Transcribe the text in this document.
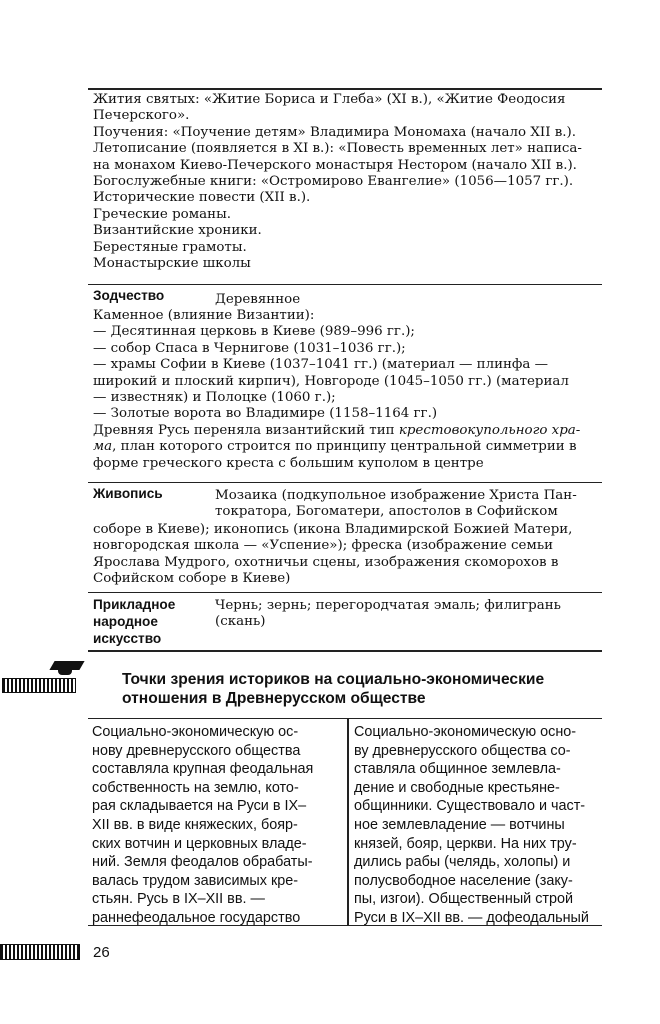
Жития святых: «Житие Бориса и Глеба» (XI в.), «Житие Феодосия
Печерского».
Поучения: «Поучение детям» Владимира Мономаха (начало XII в.).
Летописание (появляется в XI в.): «Повесть временных лет» написа-
на монахом Киево-Печерского монастыря Нестором (начало XII в.).
Богослужебные книги: «Остромирово Евангелие» (1056—1057 гг.).
Исторические повести (XII в.).
Греческие романы.
Византийские хроники.
Берестяные грамоты.
Монастырские школы
Зодчество	Деревянное
Каменное (влияние Византии):
— Десятинная церковь в Киеве (989–996 гг.);
— собор Спаса в Чернигове (1031–1036 гг.);
— храмы Софии в Киеве (1037–1041 гг.) (материал — плинфа —
широкий и плоский кирпич), Новгороде (1045–1050 гг.) (материал
— известняк) и Полоцке (1060 г.);
— Золотые ворота во Владимире (1158–1164 гг.)
Древняя Русь переняла византийский тип крестовокупольного хра-
ма, план которого строится по принципу центральной симметрии в
форме греческого креста с большим куполом в центре
Живопись	Мозаика (подкупольное изображение Христа Пан-
тократора, Богоматери, апостолов в Софийском
соборе в Киеве); иконопись (икона Владимирской Божией Матери,
новгородская школа — «Успение»); фреска (изображение семьи
Ярослава Мудрого, охотничьи сцены, изображения скоморохов в
Софийском соборе в Киеве)
Прикладное
народное
искусство
Чернь; зернь; перегородчатая эмаль; филигрань
(скань)
Точки зрения историков на социально-экономические
отношения в Древнерусском обществе
Социально-экономическую ос-
нову древнерусского общества
составляла крупная феодальная
собственность на землю, кото-
рая складывается на Руси в IX–
XII вв. в виде княжеских, бояр-
ских вотчин и церковных владе-
ний. Земля феодалов обрабаты-
валась трудом зависимых кре-
стьян. Русь в IX–XII вв. —
раннефеодальное государство
Социально-экономическую осно-
ву древнерусского общества со-
ставляла общинное землевла-
дение и свободные крестьяне-
общинники. Существовало и част-
ное землевладение — вотчины
князей, бояр, церкви. На них тру-
дились рабы (челядь, холопы) и
полусвободное население (заку-
пы, изгои). Общественный строй
Руси в IX–XII вв. — дофеодальный
26
